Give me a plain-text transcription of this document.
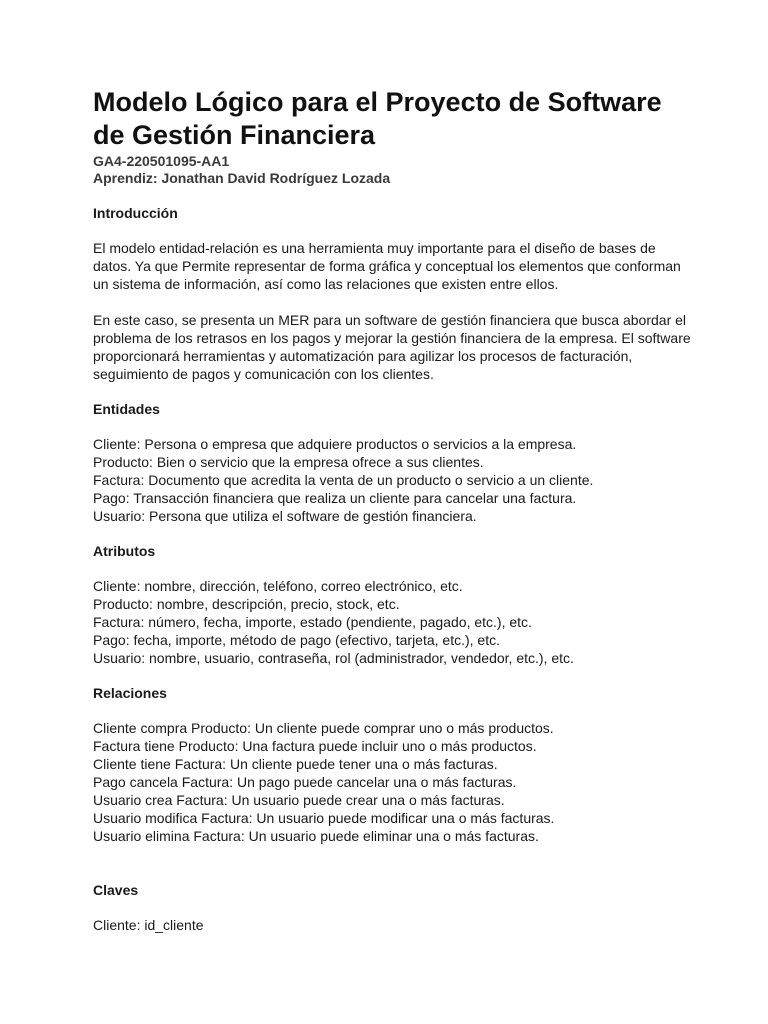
Modelo Lógico para el Proyecto de Software de Gestión Financiera

GA4-220501095-AA1

Aprendiz: Jonathan David Rodríguez Lozada

Introducción

El modelo entidad-relación es una herramienta muy importante para el diseño de bases de datos. Ya que Permite representar de forma gráfica y conceptual los elementos que conforman un sistema de información, así como las relaciones que existen entre ellos.

En este caso, se presenta un MER para un software de gestión financiera que busca abordar el problema de los retrasos en los pagos y mejorar la gestión financiera de la empresa. El software proporcionará herramientas y automatización para agilizar los procesos de facturación, seguimiento de pagos y comunicación con los clientes.

Entidades

Cliente: Persona o empresa que adquiere productos o servicios a la empresa.

Producto: Bien o servicio que la empresa ofrece a sus clientes.

Factura: Documento que acredita la venta de un producto o servicio a un cliente.

Pago: Transacción financiera que realiza un cliente para cancelar una factura.

Usuario: Persona que utiliza el software de gestión financiera.

Atributos

Cliente: nombre, dirección, teléfono, correo electrónico, etc.

Producto: nombre, descripción, precio, stock, etc.

Factura: número, fecha, importe, estado (pendiente, pagado, etc.), etc.

Pago: fecha, importe, método de pago (efectivo, tarjeta, etc.), etc.

Usuario: nombre, usuario, contraseña, rol (administrador, vendedor, etc.), etc.

Relaciones

Cliente compra Producto: Un cliente puede comprar uno o más productos.

Factura tiene Producto: Una factura puede incluir uno o más productos.

Cliente tiene Factura: Un cliente puede tener una o más facturas.

Pago cancela Factura: Un pago puede cancelar una o más facturas.

Usuario crea Factura: Un usuario puede crear una o más facturas.

Usuario modifica Factura: Un usuario puede modificar una o más facturas.

Usuario elimina Factura: Un usuario puede eliminar una o más facturas.

Claves

Cliente: id_cliente
